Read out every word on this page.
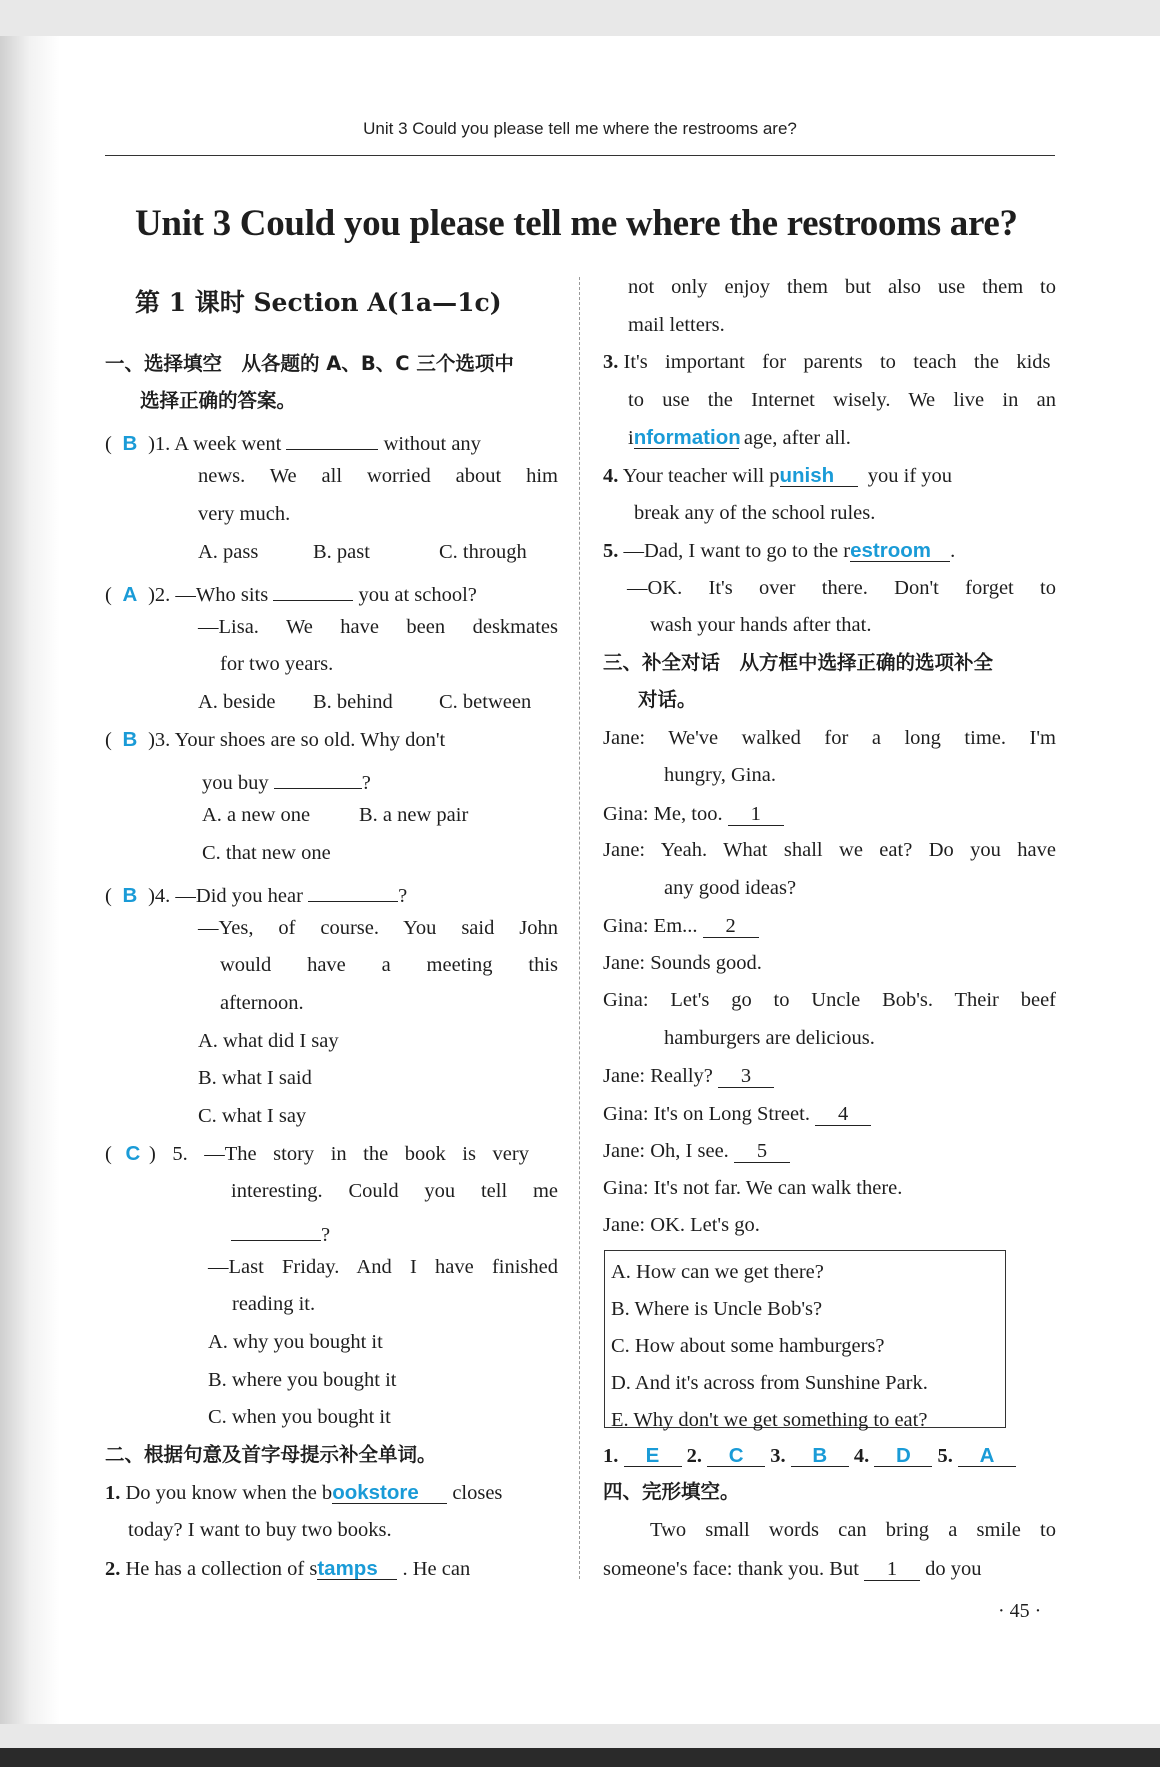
Unit 3 Could you please tell me where the restrooms are?
Unit 3 Could you please tell me where the restrooms are?
第 1 课时 Section A(1a—1c)
一、选择填空　从各题的 A、B、C 三个选项中
选择正确的答案。
( B )1. A week went	without any
news. We all worried about him
very much.
A. pass	B. past	C. through
( A )2. —Who sits	you at school?
—Lisa. We have been deskmates
for two years.
A. beside B. behind C. between
( B )3. Your shoes are so old. Why don't
you buy	?
A. a new one B. a new pair
C. that new one
( B )4. —Did you hear	?
—Yes, of course. You said John
would have a meeting this
afternoon.
A. what did I say
B. what I said
C. what I say
( C ) 5. —The story in the book is very
interesting. Could you tell me
?
—Last Friday. And I have finished
reading it.
A. why you bought it
B. where you bought it
C. when you bought it
二、根据句意及首字母提示补全单词。
1. Do you know when the bookstore closes
today? I want to buy two books.
2. He has a collection of stamps . He can
not only enjoy them but also use them to
mail letters.
3. It's important for parents to teach the kids
to use the Internet wisely. We live in an
information age, after all.
4. Your teacher will punish you if you
break any of the school rules.
5. —Dad, I want to go to the restroom .
—OK. It's over there. Don't forget to
wash your hands after that.
三、补全对话　从方框中选择正确的选项补全
对话。
Jane: We've walked for a long time. I'm
hungry, Gina.
Gina: Me, too. 1
Jane: Yeah. What shall we eat? Do you have
any good ideas?
Gina: Em... 2
Jane: Sounds good.
Gina: Let's go to Uncle Bob's. Their beef
hamburgers are delicious.
Jane: Really? 3
Gina: It's on Long Street. 4
Jane: Oh, I see. 5
Gina: It's not far. We can walk there.
Jane: OK. Let's go.
A. How can we get there?
B. Where is Uncle Bob's?
C. How about some hamburgers?
D. And it's across from Sunshine Park.
E. Why don't we get something to eat?
1. E 2. C 3. B 4. D 5. A
四、完形填空。
Two small words can bring a smile to
someone's face: thank you. But 1 do you
· 45 ·
